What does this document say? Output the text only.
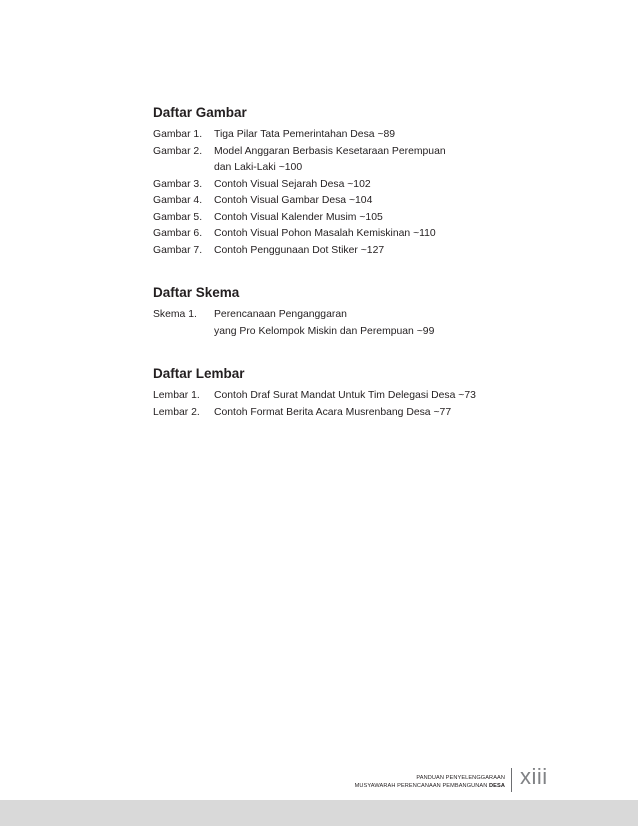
Daftar Gambar
Gambar 1.	Tiga Pilar Tata Pemerintahan Desa ~89
Gambar 2.	Model Anggaran Berbasis Kesetaraan Perempuan
dan Laki-Laki ~100
Gambar 3.	Contoh Visual Sejarah Desa ~102
Gambar 4.	Contoh Visual Gambar Desa ~104
Gambar 5.	Contoh Visual Kalender Musim ~105
Gambar 6.	Contoh Visual Pohon Masalah Kemiskinan ~110
Gambar 7.	Contoh Penggunaan Dot Stiker ~127
Daftar Skema
Skema 1.	Perencanaan Penganggaran
yang Pro Kelompok Miskin dan Perempuan ~99
Daftar Lembar
Lembar 1.	Contoh Draf Surat Mandat Untuk Tim Delegasi Desa ~73
Lembar 2.	Contoh Format Berita Acara Musrenbang Desa ~77
PANDUAN PENYELENGGARAAN
MUSYAWARAH PERENCANAAN PEMBANGUNAN DESA xiii
